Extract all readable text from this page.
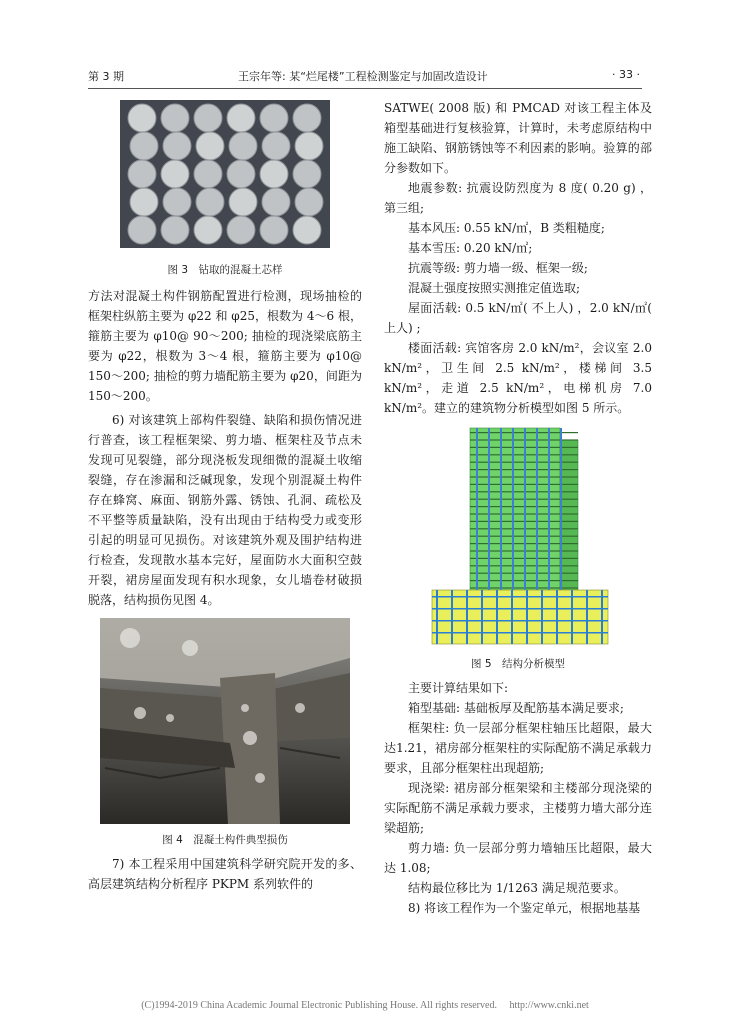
第 3 期	王宗年等: 某“烂尾楼”工程检测鉴定与加固改造设计	· 33 ·
图 3　钻取的混凝土芯样

方法对混凝土构件钢筋配置进行检测，现场抽检的框架柱纵筋主要为 φ22 和 φ25，根数为 4～6 根，箍筋主要为 φ10@ 90～200; 抽检的现浇梁底筋主要为 φ22，根数为 3～4 根，箍筋主要为 φ10@ 150～200; 抽检的剪力墙配筋主要为 φ20，间距为 150～200。

6) 对该建筑上部构件裂缝、缺陷和损伤情况进行普查，该工程框架梁、剪力墙、框架柱及节点未发现可见裂缝，部分现浇板发现细微的混凝土收缩裂缝，存在渗漏和泛碱现象，发现个别混凝土构件存在蜂窝、麻面、钢筋外露、锈蚀、孔洞、疏松及不平整等质量缺陷，没有出现由于结构受力或变形引起的明显可见损伤。对该建筑外观及围护结构进行检查，发现散水基本完好，屋面防水大面积空鼓开裂，裙房屋面发现有积水现象，女儿墙卷材破损脱落，结构损伤见图 4。

图 4　混凝土构件典型损伤

7) 本工程采用中国建筑科学研究院开发的多、高层建筑结构分析程序 PKPM 系列软件的

SATWE( 2008 版) 和 PMCAD 对该工程主体及箱型基础进行复核验算，计算时，未考虑原结构中施工缺陷、钢筋锈蚀等不利因素的影响。验算的部分参数如下。

地震参数: 抗震设防烈度为 8 度( 0.20 g) ，第三组;

基本风压: 0.55 kN/㎡，B 类粗糙度;

基本雪压: 0.20 kN/㎡;

抗震等级: 剪力墙一级、框架一级;

混凝土强度按照实测推定值选取;

屋面活载: 0.5 kN/㎡( 不上人) ，2.0 kN/㎡( 上人) ;

楼面活载: 宾馆客房 2.0 kN/m²，会议室 2.0 kN/m²，卫生间 2.5 kN/m²，楼梯间 3.5 kN/m²，走道 2.5 kN/m²，电梯机房 7.0 kN/m²。建立的建筑物分析模型如图 5 所示。

图 5　结构分析模型

主要计算结果如下:

箱型基础: 基础板厚及配筋基本满足要求;

框架柱: 负一层部分框架柱轴压比超限，最大达1.21，裙房部分框架柱的实际配筋不满足承载力要求，且部分框架柱出现超筋;

现浇梁: 裙房部分框架梁和主楼部分现浇梁的实际配筋不满足承载力要求，主楼剪力墙大部分连梁超筋;

剪力墙: 负一层部分剪力墙轴压比超限，最大达 1.08;

结构最位移比为 1/1263 满足规范要求。

8) 将该工程作为一个鉴定单元，根据地基基

(C)1994-2019 China Academic Journal Electronic Publishing House. All rights reserved.　 http://www.cnki.net
